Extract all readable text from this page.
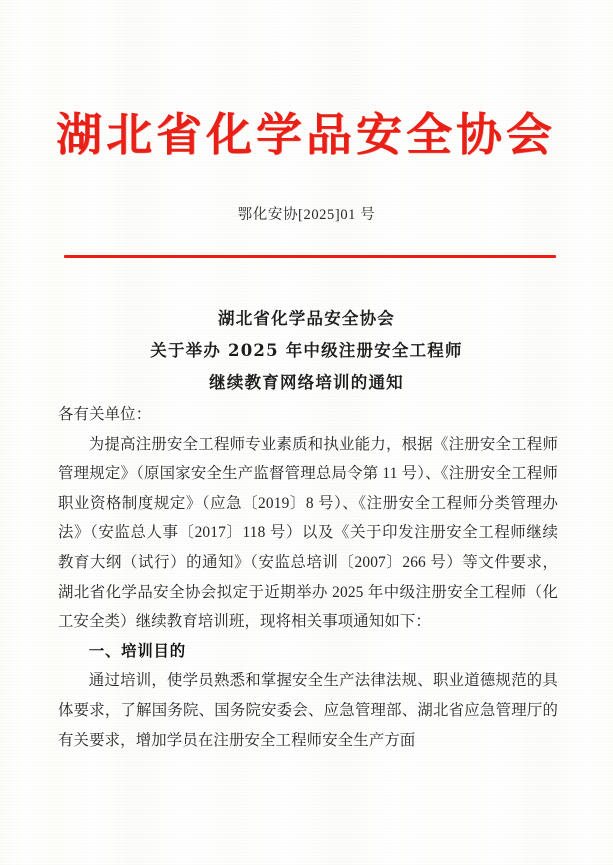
湖北省化学品安全协会
鄂化安协[2025]01 号
湖北省化学品安全协会
关于举办 2025 年中级注册安全工程师
继续教育网络培训的通知

各有关单位：

为提高注册安全工程师专业素质和执业能力，根据《注册安全工程师管理规定》（原国家安全生产监督管理总局令第 11 号）、《注册安全工程师职业资格制度规定》（应急〔2019〕8 号）、《注册安全工程师分类管理办法》（安监总人事〔2017〕118 号）以及《关于印发注册安全工程师继续教育大纲（试行）的通知》（安监总培训〔2007〕266 号）等文件要求，湖北省化学品安全协会拟定于近期举办 2025 年中级注册安全工程师（化工安全类）继续教育培训班，现将相关事项通知如下：

一、培训目的

通过培训，使学员熟悉和掌握安全生产法律法规、职业道德规范的具体要求，了解国务院、国务院安委会、应急管理部、湖北省应急管理厅的有关要求，增加学员在注册安全工程师安全生产方面
